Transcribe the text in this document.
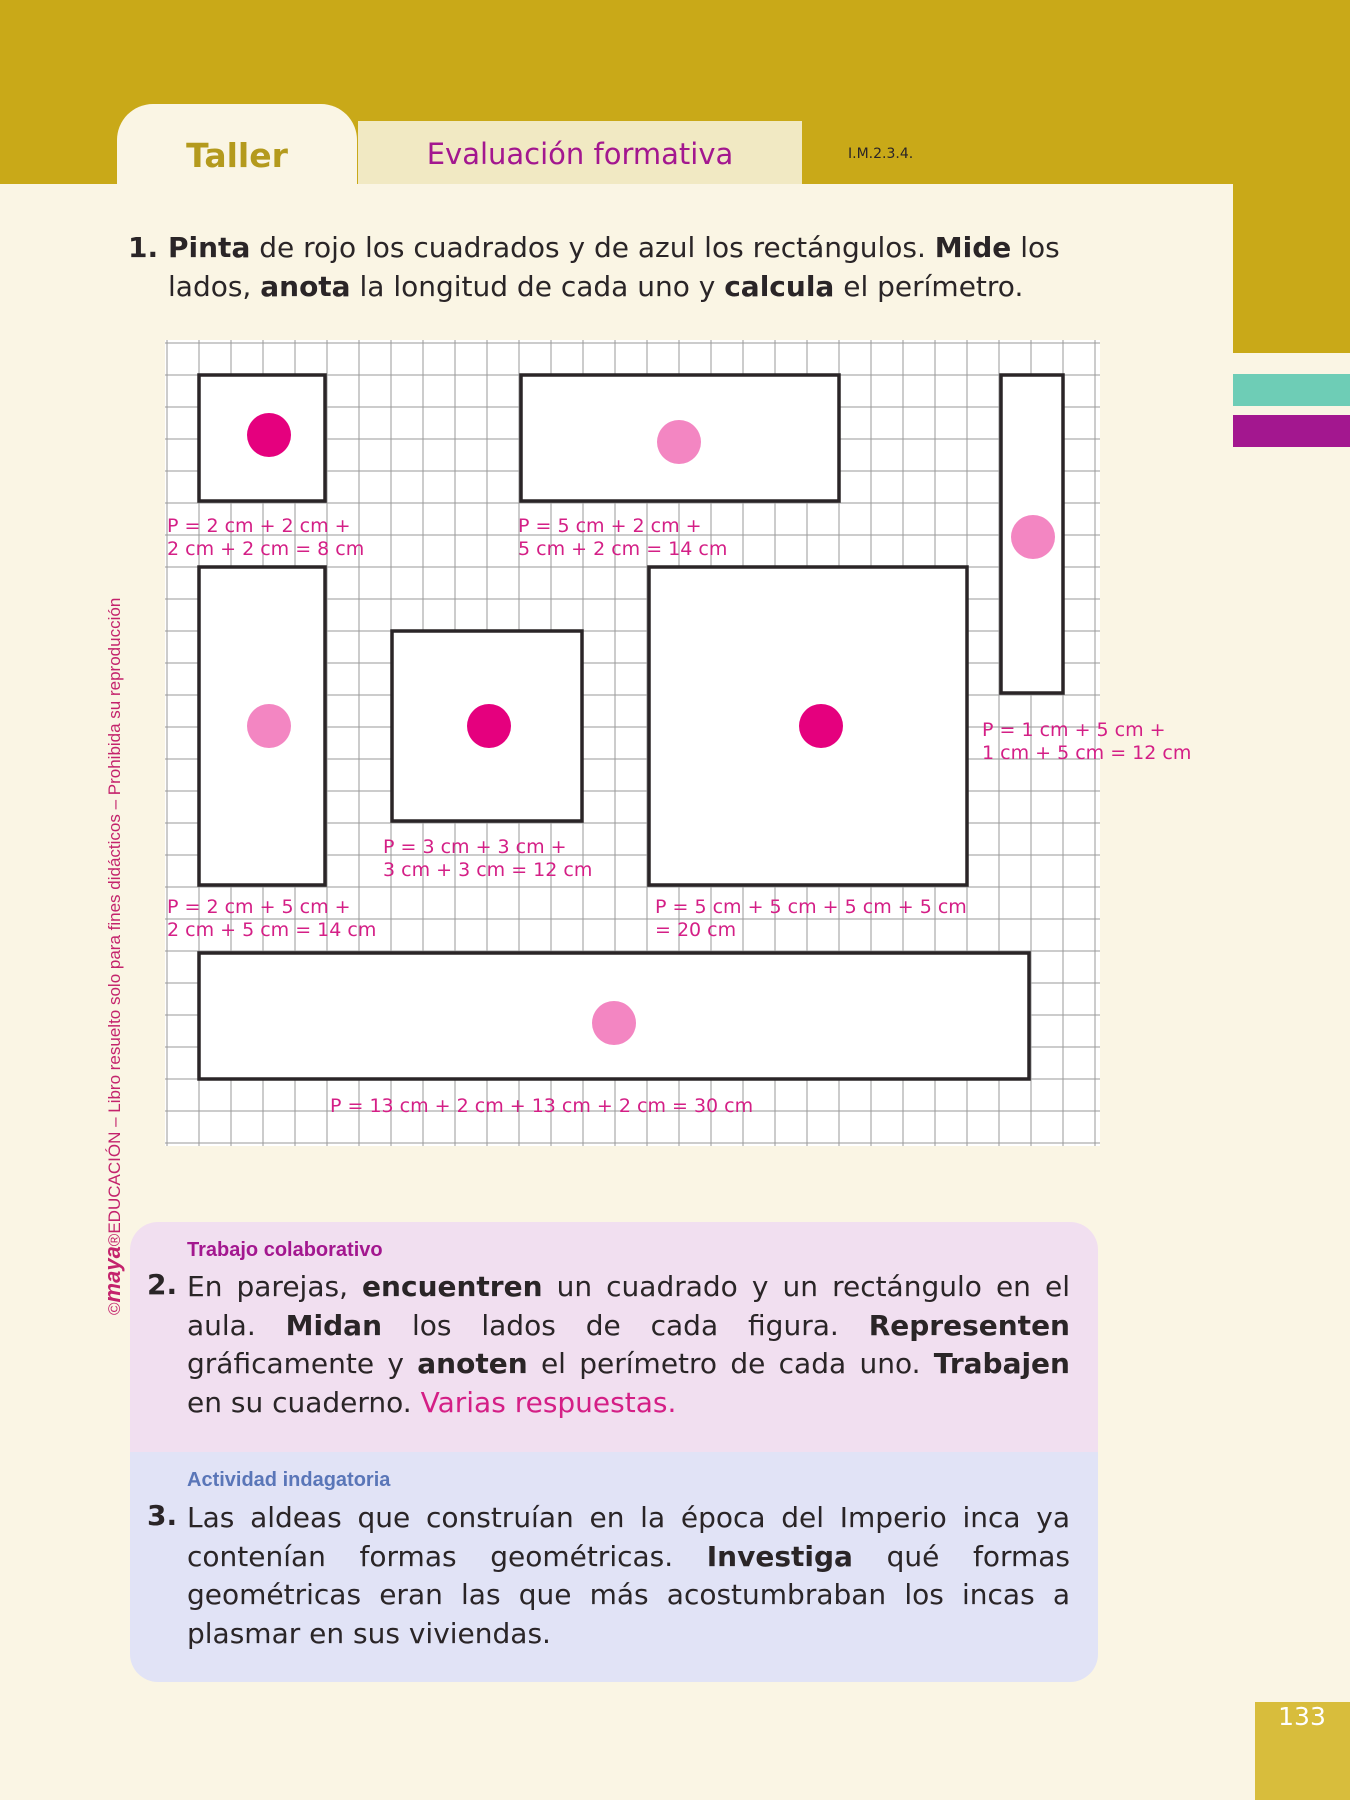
Taller	Evaluación formativa	I.M.2.3.4.
©maya®EDUCACIÓN – Libro resuelto solo para fines didácticos – Prohibida su reproducción
1. Pinta de rojo los cuadrados y de azul los rectángulos. Mide los lados, anota la longitud de cada uno y calcula el perímetro.
P = 2 cm + 2 cm +
2 cm + 2 cm = 8 cm
P = 5 cm + 2 cm +
5 cm + 2 cm = 14 cm
P = 1 cm + 5 cm +
1 cm + 5 cm = 12 cm
P = 2 cm + 5 cm +
2 cm + 5 cm = 14 cm
P = 3 cm + 3 cm +
3 cm + 3 cm = 12 cm
P = 5 cm + 5 cm + 5 cm + 5 cm
= 20 cm
P = 13 cm + 2 cm + 13 cm + 2 cm = 30 cm
Trabajo colaborativo
2. En parejas, encuentren un cuadrado y un rectángulo en el aula. Midan los lados de cada figura. Representen gráficamente y anoten el perímetro de cada uno. Trabajen en su cuaderno. Varias respuestas.
Actividad indagatoria
3. Las aldeas que construían en la época del Imperio inca ya contenían formas geométricas. Investiga qué formas geométricas eran las que más acostumbraban los incas a plasmar en sus viviendas.
133
